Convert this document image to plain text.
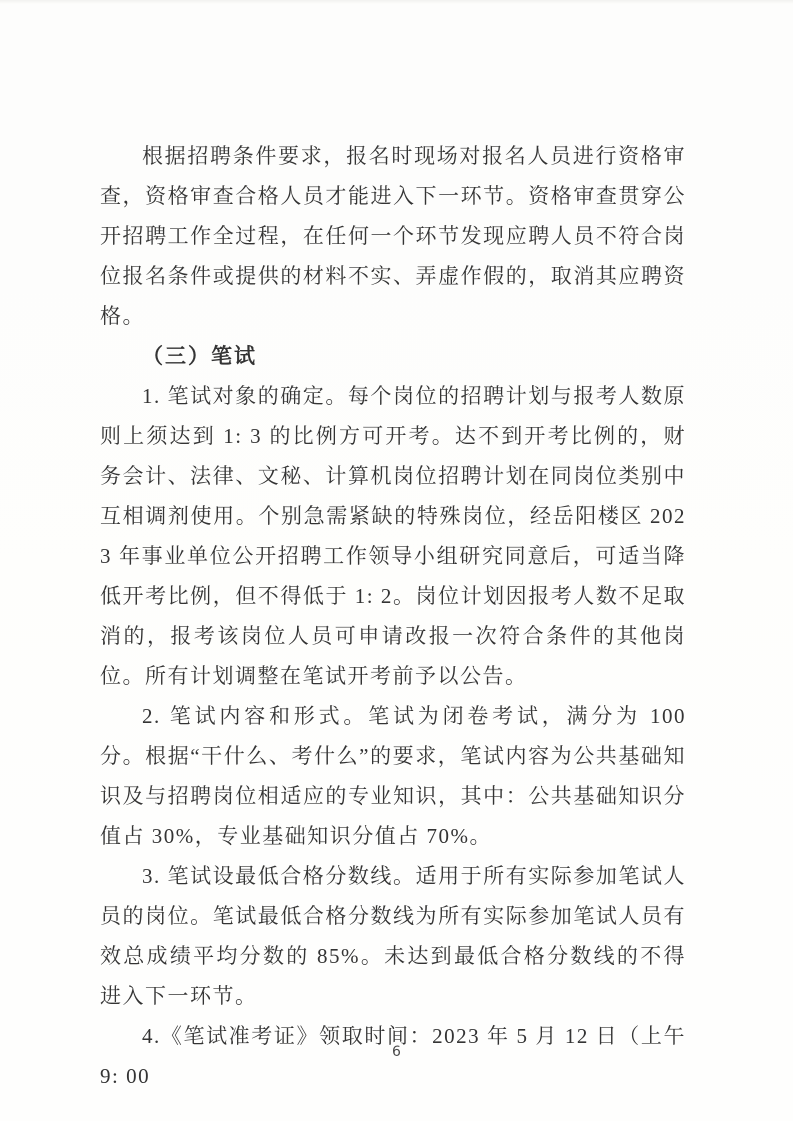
根据招聘条件要求，报名时现场对报名人员进行资格审查，资格审查合格人员才能进入下一环节。资格审查贯穿公开招聘工作全过程，在任何一个环节发现应聘人员不符合岗位报名条件或提供的材料不实、弄虚作假的，取消其应聘资格。

（三）笔试

1. 笔试对象的确定。每个岗位的招聘计划与报考人数原则上须达到 1: 3 的比例方可开考。达不到开考比例的，财务会计、法律、文秘、计算机岗位招聘计划在同岗位类别中互相调剂使用。个别急需紧缺的特殊岗位，经岳阳楼区 2023 年事业单位公开招聘工作领导小组研究同意后，可适当降低开考比例，但不得低于 1: 2。岗位计划因报考人数不足取消的，报考该岗位人员可申请改报一次符合条件的其他岗位。所有计划调整在笔试开考前予以公告。

2. 笔试内容和形式。笔试为闭卷考试，满分为 100 分。根据“干什么、考什么”的要求，笔试内容为公共基础知识及与招聘岗位相适应的专业知识，其中：公共基础知识分值占 30%，专业基础知识分值占 70%。

3. 笔试设最低合格分数线。适用于所有实际参加笔试人员的岗位。笔试最低合格分数线为所有实际参加笔试人员有效总成绩平均分数的 85%。未达到最低合格分数线的不得进入下一环节。

4.《笔试准考证》领取时间：2023 年 5 月 12 日（上午 9: 00

6
